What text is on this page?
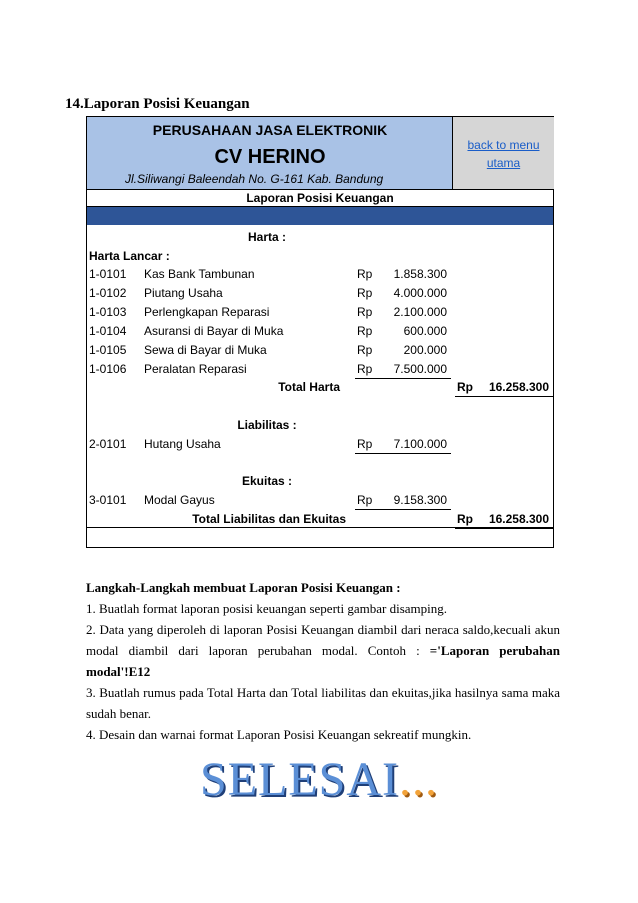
14.Laporan Posisi Keuangan
PERUSAHAAN JASA ELEKTRONIK
CV HERINO
Jl.Siliwangi Baleendah No. G-161 Kab. Bandung
back to menu
utama
Laporan Posisi Keuangan
Harta :
Harta Lancar :
1-0101 Kas Bank Tambunan	Rp	1.858.300
1-0102 Piutang Usaha	Rp	4.000.000
1-0103 Perlengkapan Reparasi	Rp	2.100.000
1-0104 Asuransi di Bayar di Muka	Rp	600.000
1-0105 Sewa di Bayar di Muka	Rp	200.000
1-0106 Peralatan Reparasi	Rp	7.500.000
Total Harta	Rp	16.258.300
Liabilitas :
2-0101 Hutang Usaha	Rp	7.100.000
Ekuitas :
3-0101 Modal Gayus	Rp	9.158.300
Total Liabilitas dan Ekuitas	Rp	16.258.300

Langkah-Langkah membuat Laporan Posisi Keuangan :

1. Buatlah format laporan posisi keuangan seperti gambar disamping.

2. Data yang diperoleh di laporan Posisi Keuangan diambil dari neraca saldo,kecuali akun modal diambil dari laporan perubahan modal. Contoh : ='Laporan perubahan modal'!E12

3. Buatlah rumus pada Total Harta dan Total liabilitas dan ekuitas,jika hasilnya sama maka sudah benar.

4. Desain dan warnai format Laporan Posisi Keuangan sekreatif mungkin.

SELESAI...
